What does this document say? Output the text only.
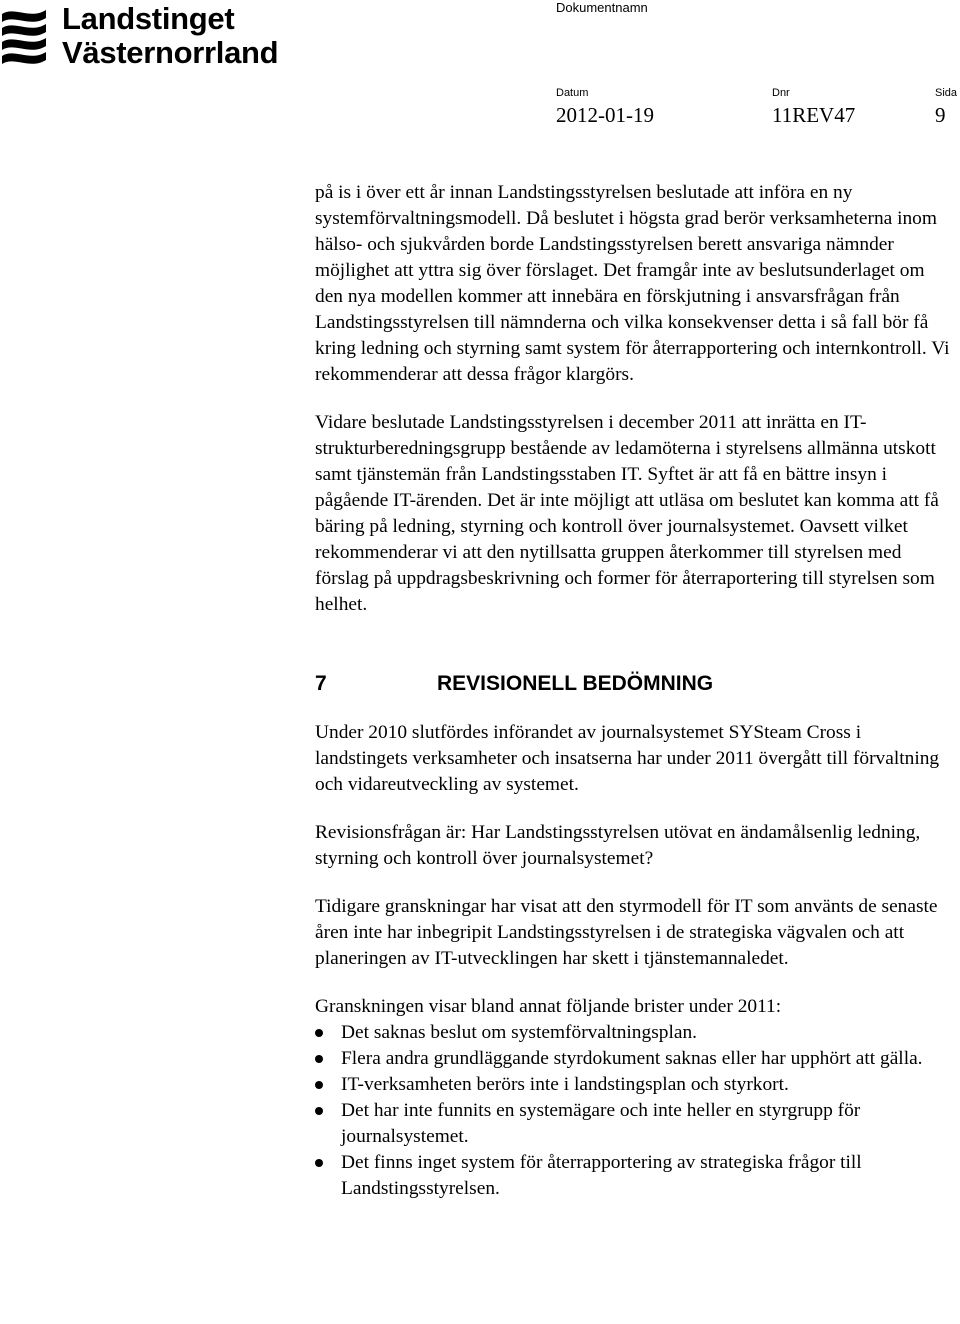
Landstinget
Västernorrland
Dokumentnamn
Datum
2012-01-19
Dnr
11REV47
Sida
9

på is i över ett år innan Landstingsstyrelsen beslutade att införa en ny systemförvaltningsmodell. Då beslutet i högsta grad berör verksamheterna inom hälso- och sjukvården borde Landstingsstyrelsen berett ansvariga nämnder möjlighet att yttra sig över förslaget. Det framgår inte av beslutsunderlaget om den nya modellen kommer att innebära en förskjutning i ansvarsfrågan från Landstingsstyrelsen till nämnderna och vilka konsekvenser detta i så fall bör få kring ledning och styrning samt system för återrapportering och internkontroll. Vi rekommenderar att dessa frågor klargörs.

Vidare beslutade Landstingsstyrelsen i december 2011 att inrätta en IT-strukturberedningsgrupp bestående av ledamöterna i styrelsens allmänna utskott samt tjänstemän från Landstingsstaben IT. Syftet är att få en bättre insyn i pågående IT-ärenden. Det är inte möjligt att utläsa om beslutet kan komma att få bäring på ledning, styrning och kontroll över journalsystemet. Oavsett vilket rekommenderar vi att den nytillsatta gruppen återkommer till styrelsen med förslag på uppdragsbeskrivning och former för återraportering till styrelsen som helhet.

7	REVISIONELL BEDÖMNING

Under 2010 slutfördes införandet av journalsystemet SYSteam Cross i landstingets verksamheter och insatserna har under 2011 övergått till förvaltning och vidareutveckling av systemet.

Revisionsfrågan är: Har Landstingsstyrelsen utövat en ändamålsenlig ledning, styrning och kontroll över journalsystemet?

Tidigare granskningar har visat att den styrmodell för IT som använts de senaste åren inte har inbegripit Landstingsstyrelsen i de strategiska vägvalen och att planeringen av IT-utvecklingen har skett i tjänstemannaledet.

Granskningen visar bland annat följande brister under 2011:

Det saknas beslut om systemförvaltningsplan.
Flera andra grundläggande styrdokument saknas eller har upphört att gälla.
IT-verksamheten berörs inte i landstingsplan och styrkort.
Det har inte funnits en systemägare och inte heller en styrgrupp för journalsystemet.
Det finns inget system för återrapportering av strategiska frågor till Landstingsstyrelsen.
